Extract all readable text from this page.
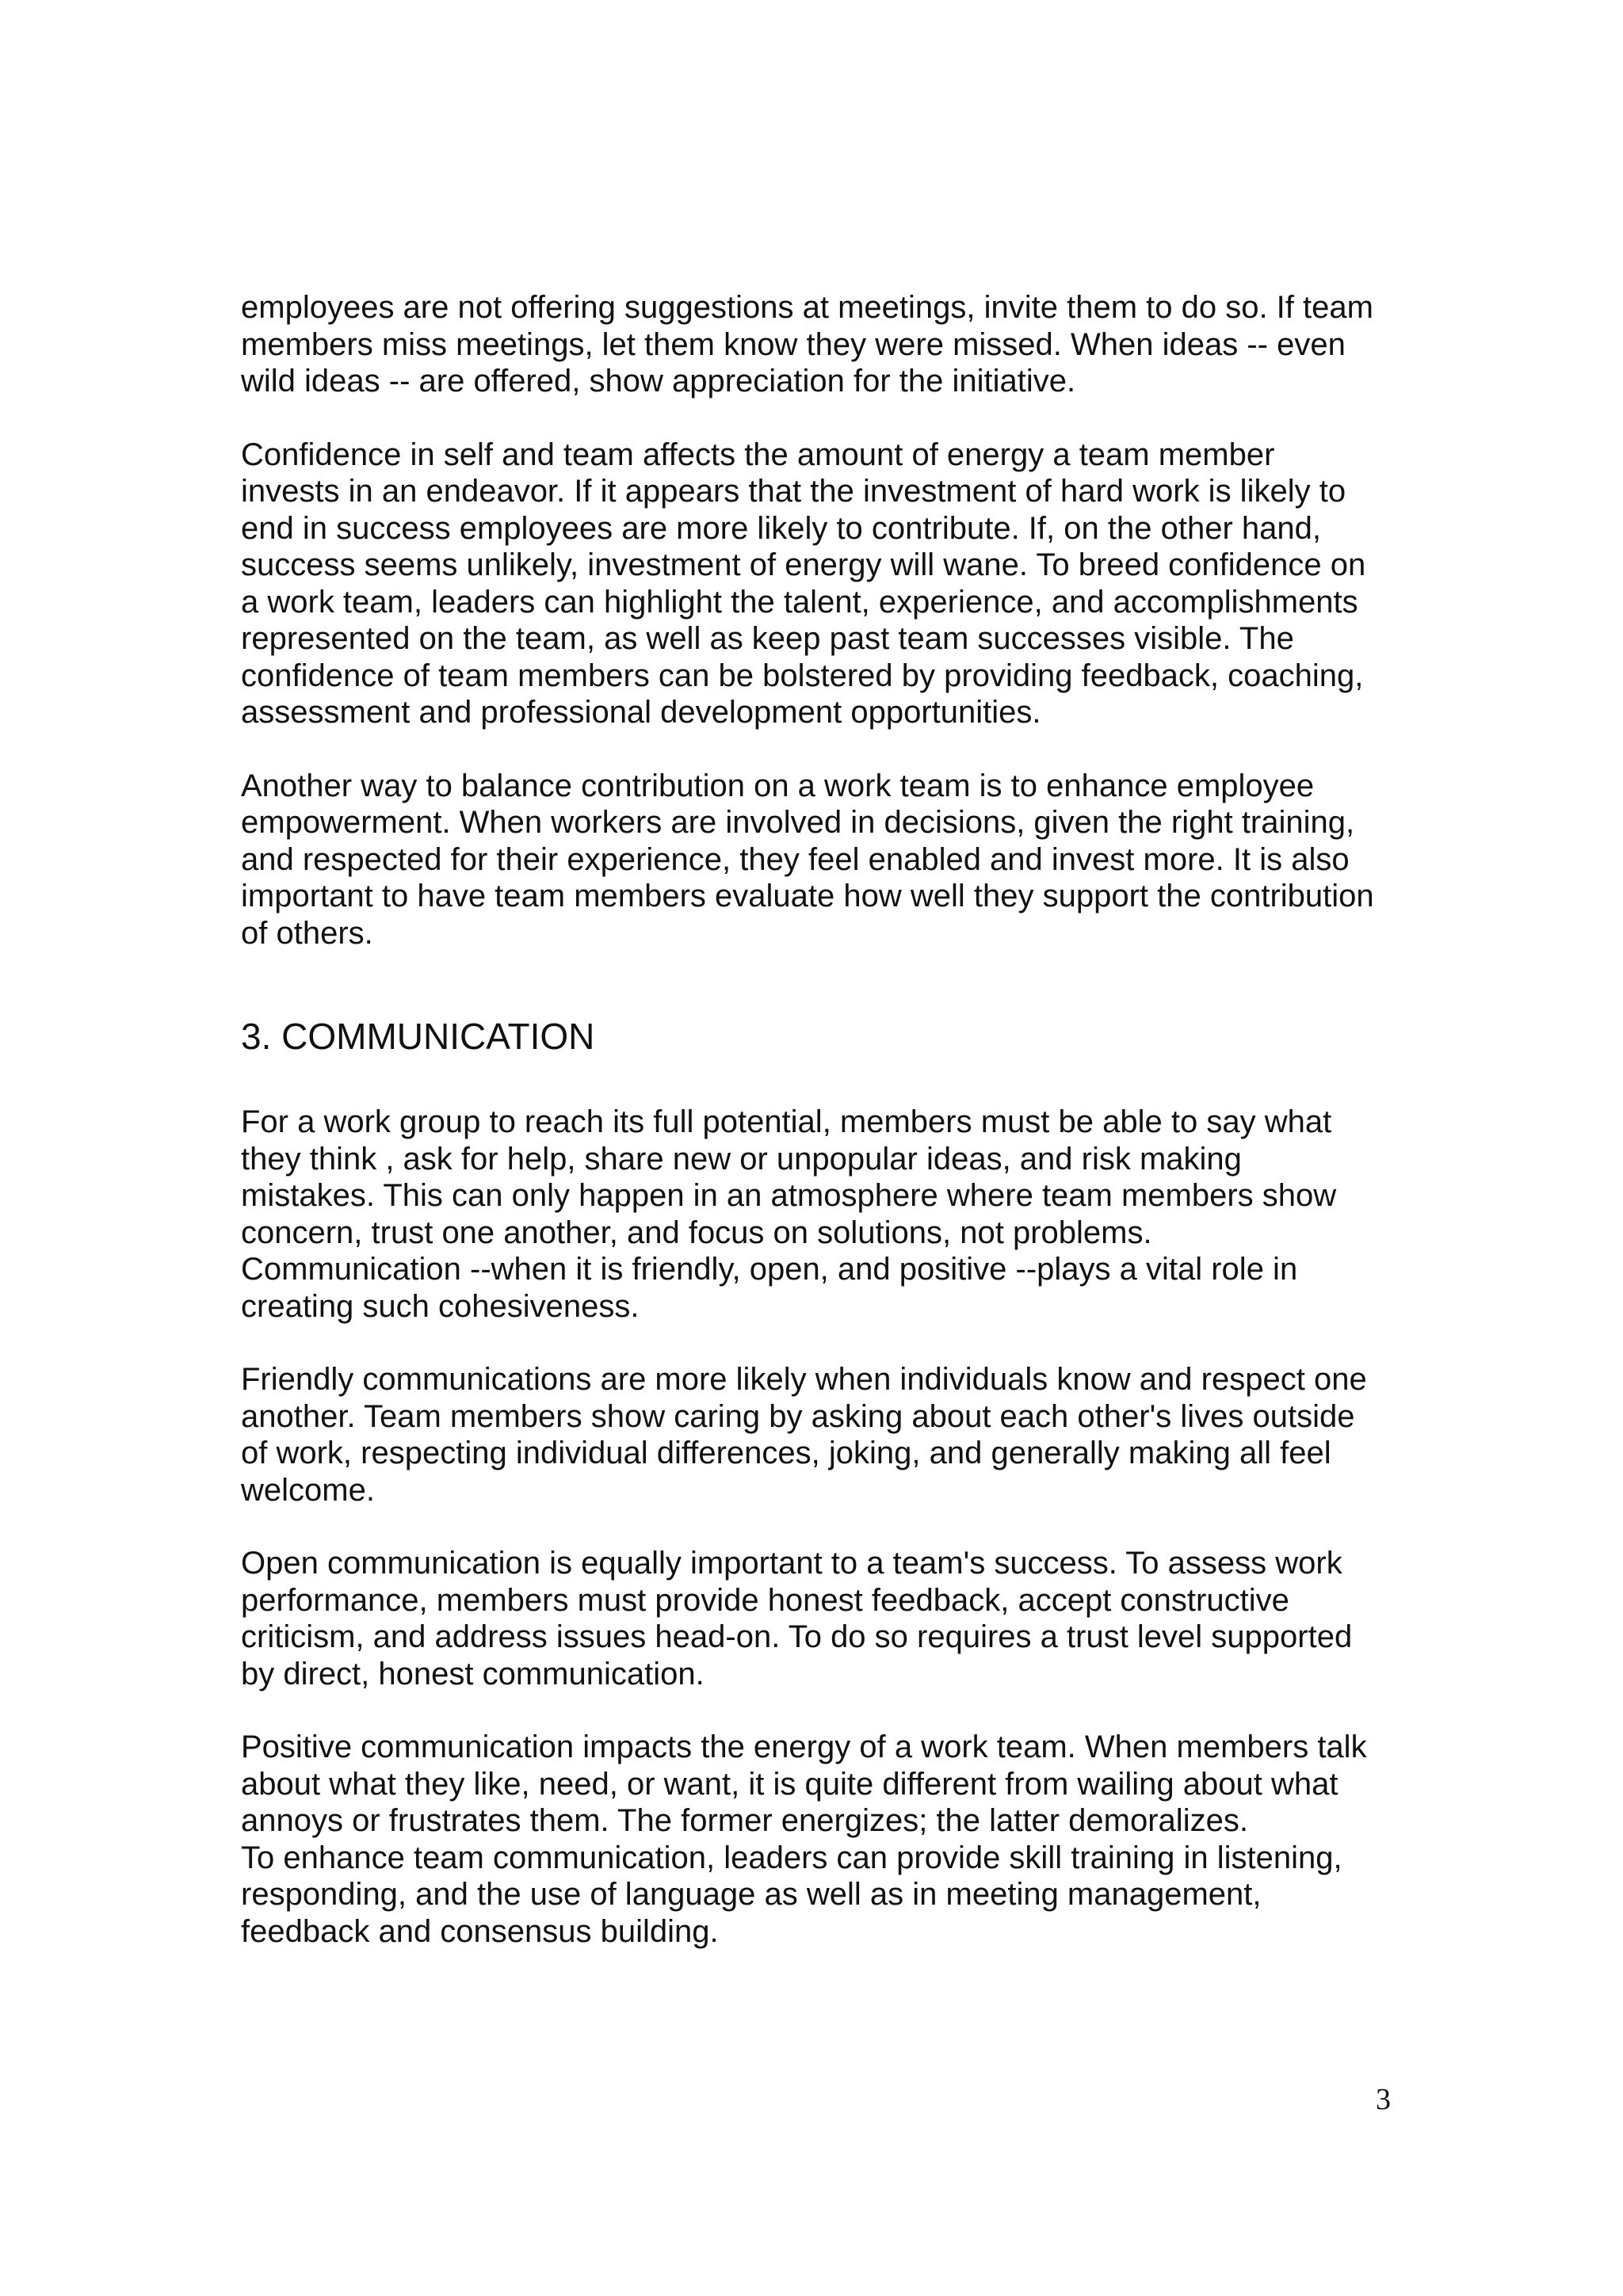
employees are not offering suggestions at meetings, invite them to do so. If team
members miss meetings, let them know they were missed. When ideas -- even
wild ideas -- are offered, show appreciation for the initiative.

Confidence in self and team affects the amount of energy a team member
invests in an endeavor. If it appears that the investment of hard work is likely to
end in success employees are more likely to contribute. If, on the other hand,
success seems unlikely, investment of energy will wane. To breed confidence on
a work team, leaders can highlight the talent, experience, and accomplishments
represented on the team, as well as keep past team successes visible. The
confidence of team members can be bolstered by providing feedback, coaching,
assessment and professional development opportunities.

Another way to balance contribution on a work team is to enhance employee
empowerment. When workers are involved in decisions, given the right training,
and respected for their experience, they feel enabled and invest more. It is also
important to have team members evaluate how well they support the contribution
of others.

3. COMMUNICATION

For a work group to reach its full potential, members must be able to say what
they think , ask for help, share new or unpopular ideas, and risk making
mistakes. This can only happen in an atmosphere where team members show
concern, trust one another, and focus on solutions, not problems.
Communication --when it is friendly, open, and positive --plays a vital role in
creating such cohesiveness.

Friendly communications are more likely when individuals know and respect one
another. Team members show caring by asking about each other's lives outside
of work, respecting individual differences, joking, and generally making all feel
welcome.

Open communication is equally important to a team's success. To assess work
performance, members must provide honest feedback, accept constructive
criticism, and address issues head-on. To do so requires a trust level supported
by direct, honest communication.

Positive communication impacts the energy of a work team. When members talk
about what they like, need, or want, it is quite different from wailing about what
annoys or frustrates them. The former energizes; the latter demoralizes.
To enhance team communication, leaders can provide skill training in listening,
responding, and the use of language as well as in meeting management,
feedback and consensus building.

3
